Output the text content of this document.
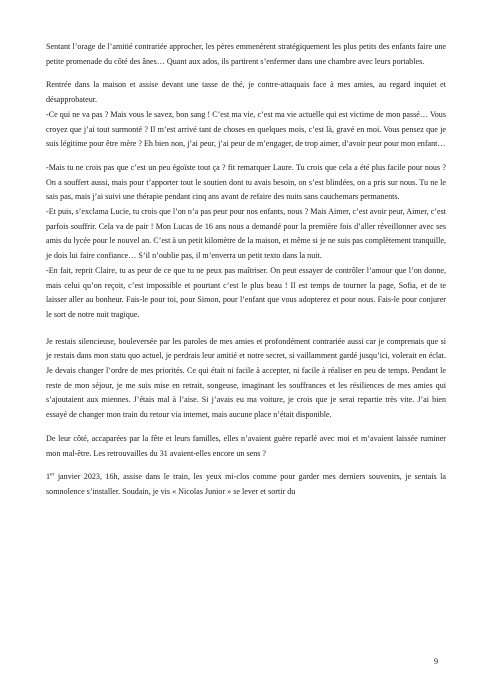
Sentant l’orage de l’amitié contrariée approcher, les pères emmenèrent stratégiquement les plus petits des enfants faire une petite promenade du côté des ânes… Quant aux ados, ils partirent s’enfermer dans une chambre avec leurs portables.

Rentrée dans la maison et assise devant une tasse de thé, je contre-attaquais face à mes amies, au regard inquiet et désapprobateur.

-Ce qui ne va pas ? Mais vous le savez, bon sang ! C’est ma vie, c’est ma vie actuelle qui est victime de mon passé… Vous croyez que j’ai tout surmonté ? Il m’est arrivé tant de choses en quelques mois, c’est là, gravé en moi. Vous pensez que je suis légitime pour être mère ? Eh bien non, j’ai peur, j’ai peur de m’engager, de trop aimer, d’avoir peur pour mon enfant…

-Mais tu ne crois pas que c’est un peu égoïste tout ça ? fit remarquer Laure. Tu crois que cela a été plus facile pour nous ? On a souffert aussi, mais pour t’apporter tout le soutien dont tu avais besoin, on s’est blindées, on a pris sur nous. Tu ne le sais pas, mais j’ai suivi une thérapie pendant cinq ans avant de refaire des nuits sans cauchemars permanents.

-Et puis, s’exclama Lucie, tu crois que l’on n’a pas peur pour nos enfants, nous ? Mais Aimer, c’est avoir peur, Aimer, c’est parfois souffrir. Cela va de pair ! Mon Lucas de 16 ans nous a demandé pour la première fois d’aller réveillonner avec ses amis du lycée pour le nouvel an. C’est à un petit kilomètre de la maison, et même si je ne suis pas complètement tranquille, je dois lui faire confiance… S’il n’oublie pas, il m’enverra un petit texto dans la nuit.

-En fait, reprit Claire, tu as peur de ce que tu ne peux pas maîtriser. On peut essayer de contrôler l’amour que l’on donne, mais celui qu’on reçoit, c’est impossible et pourtant c’est le plus beau ! Il est temps de tourner la page, Sofia, et de te laisser aller au bonheur. Fais-le pour toi, pour Simon, pour l’enfant que vous adopterez et pour nous. Fais-le pour conjurer le sort de notre nuit tragique.

Je restais silencieuse, bouleversée par les paroles de mes amies et profondément contrariée aussi car je comprenais que si je restais dans mon statu quo actuel, je perdrais leur amitié et notre secret, si vaillamment gardé jusqu’ici, volerait en éclat. Je devais changer l’ordre de mes priorités. Ce qui était ni facile à accepter, ni facile à réaliser en peu de temps. Pendant le reste de mon séjour, je me suis mise en retrait, songeuse, imaginant les souffrances et les résiliences de mes amies qui s’ajoutaient aux miennes. J’étais mal à l’aise. Si j’avais eu ma voiture, je crois que je serai repartie très vite. J’ai bien essayé de changer mon train du retour via internet, mais aucune place n’était disponible.

De leur côté, accaparées par la fête et leurs familles, elles n’avaient guère reparlé avec moi et m’avaient laissée ruminer mon mal-être. Les retrouvailles du 31 avaient-elles encore un sens ?

1er janvier 2023, 16h, assise dans le train, les yeux mi-clos comme pour garder mes derniers souvenirs, je sentais la somnolence s’installer. Soudain, je vis « Nicolas Junior » se lever et sortir du

9
